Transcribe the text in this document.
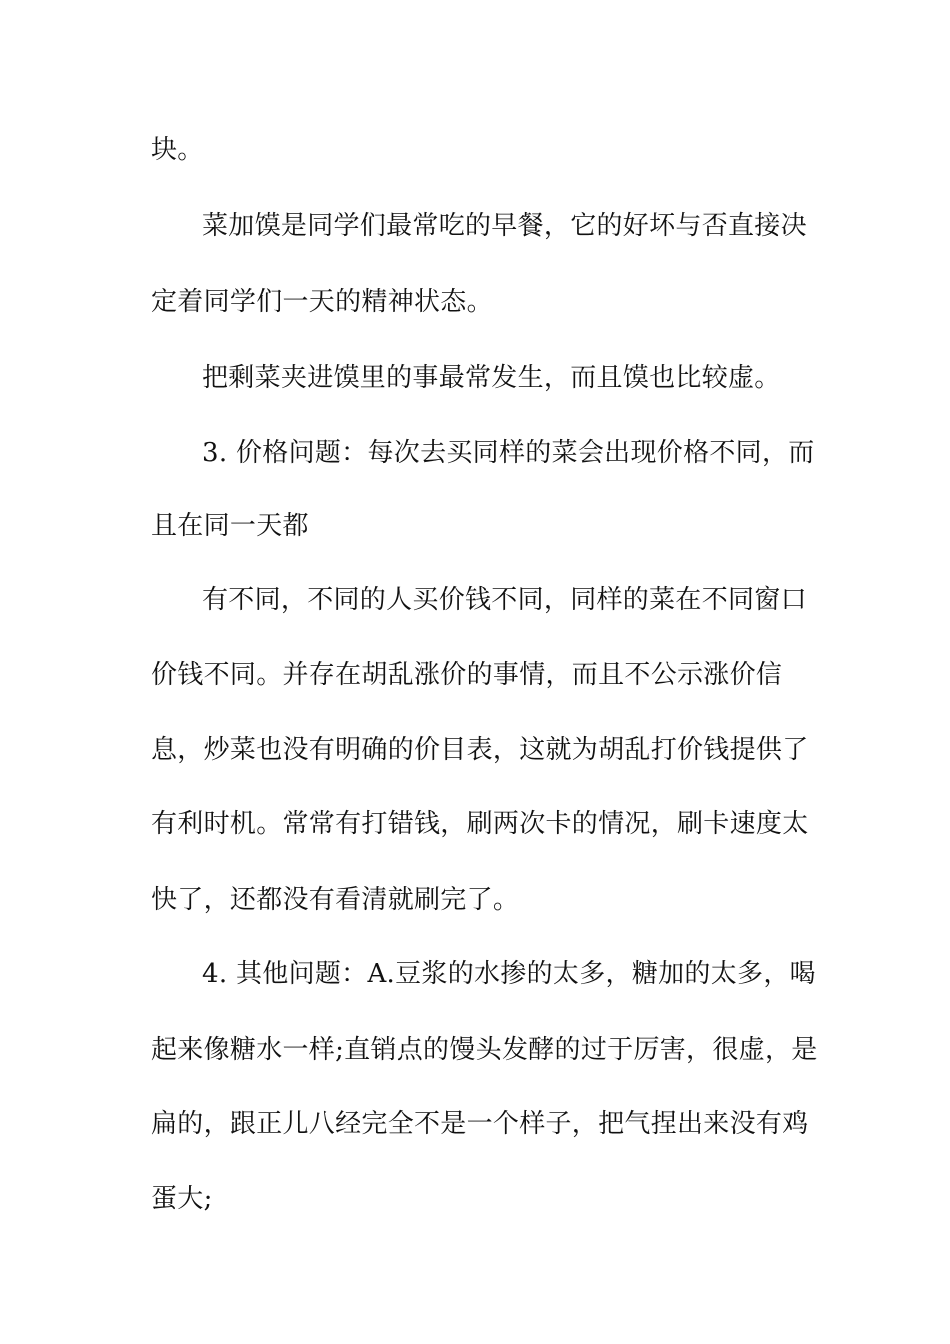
块。
菜加馍是同学们最常吃的早餐，它的好坏与否直接决
定着同学们一天的精神状态。
把剩菜夹进馍里的事最常发生，而且馍也比较虚。
3. 价格问题：每次去买同样的菜会出现价格不同，而
且在同一天都
有不同，不同的人买价钱不同，同样的菜在不同窗口
价钱不同。并存在胡乱涨价的事情，而且不公示涨价信
息，炒菜也没有明确的价目表，这就为胡乱打价钱提供了
有利时机。常常有打错钱，刷两次卡的情况，刷卡速度太
快了，还都没有看清就刷完了。
4. 其他问题：A.豆浆的水掺的太多，糖加的太多，喝
起来像糖水一样;直销点的馒头发酵的过于厉害，很虚，是
扁的，跟正儿八经完全不是一个样子，把气捏出来没有鸡
蛋大;
